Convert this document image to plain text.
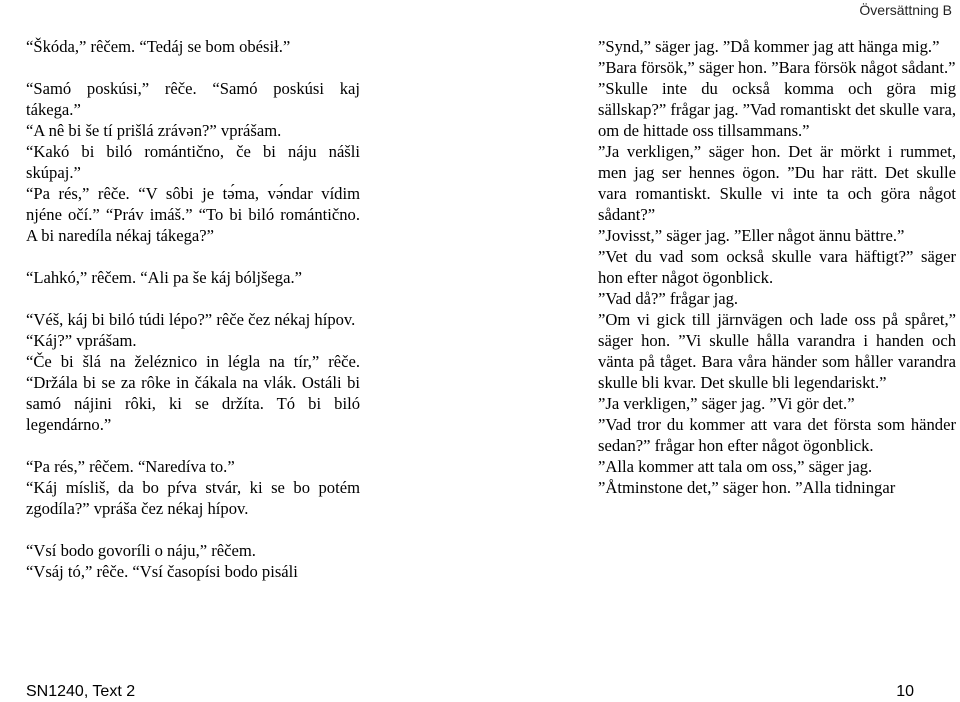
Översättning B

“Škóda,” rêčem. “Tedáj se bom obésił.”

“Samó poskúsi,” rêče. “Samó poskúsi kaj tákega.”

“A nê bi še tí prišlá zrávən?” vprášam.

“Kakó bi biló romántično, če bi náju nášli skúpaj.”

“Pa rés,” rêče. “V sôbi je tə́ma, və́ndar vídim njéne očí.” “Práv imáš.” “To bi biló romántično. A bi naredíla nékaj tákega?”

“Lahkó,” rêčem. “Ali pa še káj bóljšega.”

“Véš, káj bi biló túdi lépo?” rêče čez nékaj hípov.

“Káj?” vprášam.

“Če bi šlá na želéznico in légla na tír,” rêče. “Držála bi se za rôke in čákala na vlák. Ostáli bi samó nájini rôki, ki se držíta. Tó bi biló legendárno.”

“Pa rés,” rêčem. “Naredíva to.”

“Káj mísliš, da bo pŕva stvár, ki se bo potém zgodíla?” vpráša čez nékaj hípov.

“Vsí bodo govoríli o náju,” rêčem.

“Vsáj tó,” rêče. “Vsí časopísi bodo pisáli

”Synd,” säger jag. ”Då kommer jag att hänga mig.”

”Bara försök,” säger hon. ”Bara försök något sådant.”

”Skulle inte du också komma och göra mig sällskap?” frågar jag. ”Vad romantiskt det skulle vara, om de hittade oss tillsammans.”

”Ja verkligen,” säger hon. Det är mörkt i rummet, men jag ser hennes ögon. ”Du har rätt. Det skulle vara romantiskt. Skulle vi inte ta och göra något sådant?”

”Jovisst,” säger jag. ”Eller något ännu bättre.”

”Vet du vad som också skulle vara häftigt?” säger hon efter något ögonblick.

”Vad då?” frågar jag.

”Om vi gick till järnvägen och lade oss på spåret,” säger hon. ”Vi skulle hålla varandra i handen och vänta på tåget. Bara våra händer som håller varandra skulle bli kvar. Det skulle bli legendariskt.”

”Ja verkligen,” säger jag. ”Vi gör det.”

”Vad tror du kommer att vara det första som händer sedan?” frågar hon efter något ögonblick.

”Alla kommer att tala om oss,” säger jag.

”Åtminstone det,” säger hon. ”Alla tidningar

SN1240, Text 2	10
